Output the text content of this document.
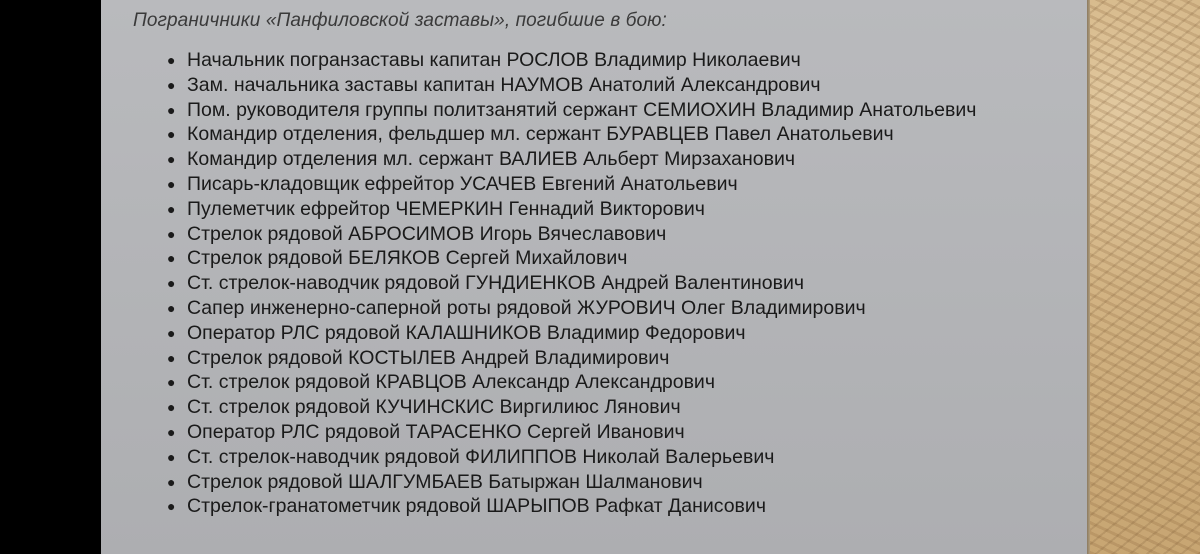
Пограничники «Панфиловской заставы», погибшие в бою:
● Начальник погранзаставы капитан РОСЛОВ Владимир Николаевич
● Зам. начальника заставы капитан НАУМОВ Анатолий Александрович
● Пом. руководителя группы политзанятий сержант СЕМИОХИН Владимир Анатольевич
● Командир отделения, фельдшер мл. сержант БУРАВЦЕВ Павел Анатольевич
● Командир отделения мл. сержант ВАЛИЕВ Альберт Мирзаханович
● Писарь-кладовщик ефрейтор УСАЧЕВ Евгений Анатольевич
● Пулеметчик ефрейтор ЧЕМЕРКИН Геннадий Викторович
● Стрелок рядовой АБРОСИМОВ Игорь Вячеславович
● Стрелок рядовой БЕЛЯКОВ Сергей Михайлович
● Ст. стрелок-наводчик рядовой ГУНДИЕНКОВ Андрей Валентинович
● Сапер инженерно-саперной роты рядовой ЖУРОВИЧ Олег Владимирович
● Оператор РЛС рядовой КАЛАШНИКОВ Владимир Федорович
● Стрелок рядовой КОСТЫЛЕВ Андрей Владимирович
● Ст. стрелок рядовой КРАВЦОВ Александр Александрович
● Ст. стрелок рядовой КУЧИНСКИС Виргилиюс Лянович
● Оператор РЛС рядовой ТАРАСЕНКО Сергей Иванович
● Ст. стрелок-наводчик рядовой ФИЛИППОВ Николай Валерьевич
● Стрелок рядовой ШАЛГУМБАЕВ Батыржан Шалманович
● Стрелок-гранатометчик рядовой ШАРЫПОВ Рафкат Данисович
